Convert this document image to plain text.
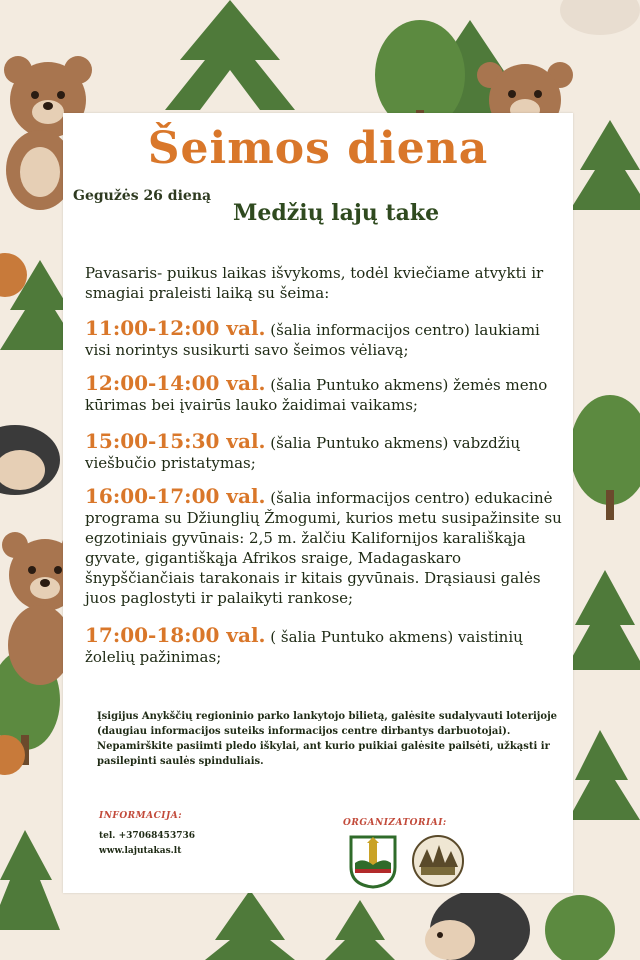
Šeimos diena
Gegužės 26 dieną
Medžių lajų take
Pavasaris- puikus laikas išvykoms, todėl kviečiame atvykti ir smagiai praleisti laiką su šeima:
11:00-12:00 val. (šalia informacijos centro) laukiami visi norintys susikurti savo šeimos vėliavą;
12:00-14:00 val. (šalia Puntuko akmens) žemės meno kūrimas bei įvairūs lauko žaidimai vaikams;
15:00-15:30 val. (šalia Puntuko akmens) vabzdžių viešbučio pristatymas;
16:00-17:00 val. (šalia informacijos centro) edukacinė programa su Džiunglių Žmogumi, kurios metu susipažinsite su egzotiniais gyvūnais: 2,5 m. žalčiu Kalifornijos karališkąja gyvate, gigantiškąja Afrikos sraige, Madagaskaro šnypščiančiais tarakonais ir kitais gyvūnais. Drąsiausi galės juos paglostyti ir palaikyti rankose;
17:00-18:00 val. ( šalia Puntuko akmens) vaistinių žolelių pažinimas;
Įsigijus Anykščių regioninio parko lankytojo bilietą, galėsite sudalyvauti loterijoje (daugiau informacijos suteiks informacijos centre dirbantys darbuotojai). Nepamirškite pasiimti pledo iškylai, ant kurio puikiai galėsite pailsėti, užkąsti ir pasilepinti saulės spinduliais.
INFORMACIJA:
tel. +37068453736
www.lajutakas.lt
ORGANIZATORIAI:
